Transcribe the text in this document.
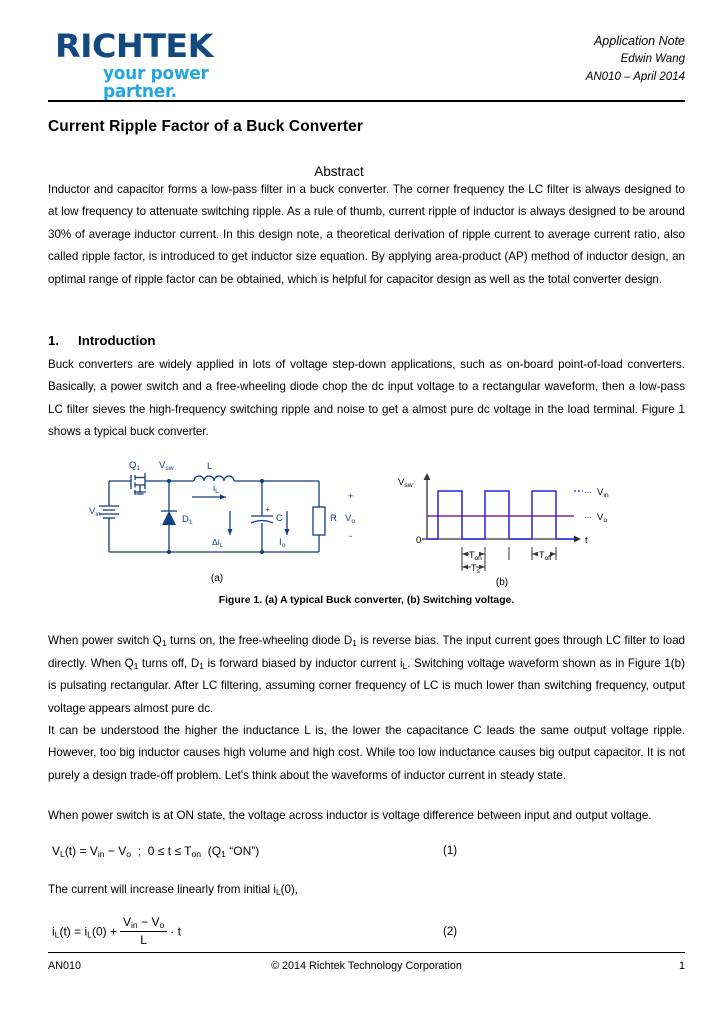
RICHTEK
your power partner.
Application Note
Edwin Wang
AN010 – April 2014
Current Ripple Factor of a Buck Converter
Abstract

Inductor and capacitor forms a low-pass filter in a buck converter. The corner frequency the LC filter is always designed to at low frequency to attenuate switching ripple. As a rule of thumb, current ripple of inductor is always designed to be around 30% of average inductor current. In this design note, a theoretical derivation of ripple current to average current ratio, also called ripple factor, is introduced to get inductor size equation. By applying area-product (AP) method of inductor design, an optimal range of ripple factor can be obtained, which is helpful for capacitor design as well as the total converter design.

1. Introduction

Buck converters are widely applied in lots of voltage step-down applications, such as on-board point-of-load converters. Basically, a power switch and a free-wheeling diode chop the dc input voltage to a rectangular waveform, then a low-pass LC filter sieves the high-frequency switching ripple and noise to get a almost pure dc voltage in the load terminal. Figure 1 shows a typical buck converter.

$Q_1$ $V_{sw}$	L
$i_L$
$V_{in}$	$D_1$
$\Delta i_L$
C
+
$I_o$
R $V_o$
+
-
(a)
$V_{sw}$
0	t
··· $V_{in}$
··· $V_o$
$T_{on}$	$T_{off}$
$T_s$
(b)
Figure 1. (a) A typical Buck converter, (b) Switching voltage.

When power switch $Q_1$ turns on, the free-wheeling diode $D_1$ is reverse bias. The input current goes through LC filter to load directly. When $Q_1$ turns off, $D_1$ is forward biased by inductor current $i_L$. Switching voltage waveform shown as in Figure 1(b) is pulsating rectangular. After LC filtering, assuming corner frequency of LC is much lower than switching frequency, output voltage appears almost pure dc.

It can be understood the higher the inductance L is, the lower the capacitance C leads the same output voltage ripple. However, too big inductor causes high volume and high cost. While too low inductance causes big output capacitor. It is not purely a design trade-off problem. Let's think about the waveforms of inductor current in steady state.

When power switch is at ON state, the voltage across inductor is voltage difference between input and output voltage.

$V_L(t) = V_{in} - V_o$ ; $0 \le t \le T_{on}$ ($Q_1$ “ON”)	(1)

The current will increase linearly from initial $i_L(0)$,

$i_L(t) = i_L(0) + \frac{V_{in} - V_o}{L} \cdot t$	(2)
AN010	© 2014 Richtek Technology Corporation	1
